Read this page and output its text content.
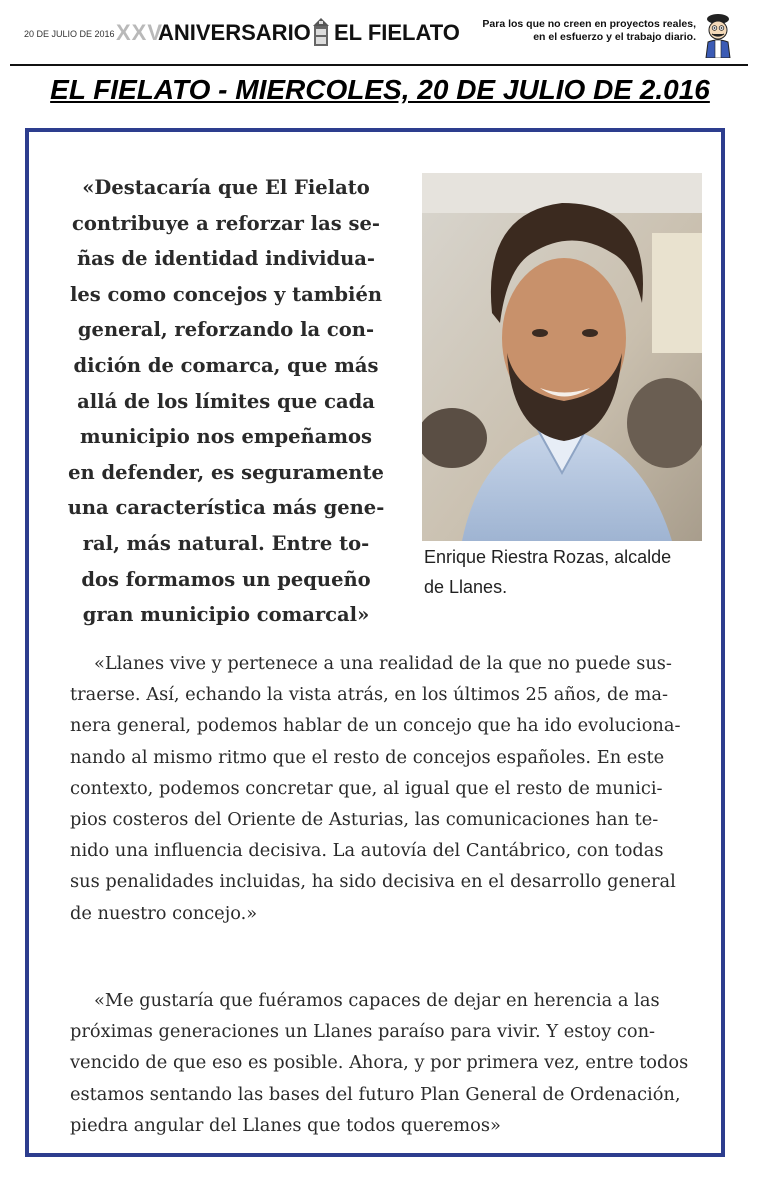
20 DE JULIO DE 2016 XXV
ANIVERSARIO EL FIELATO	Para los que no creen en proyectos reales,
en el esfuerzo y el trabajo diario.
EL FIELATO - MIERCOLES, 20 DE JULIO DE 2.016

«Destacaría que El Fielato

contribuye a reforzar las se-

ñas de identidad individua-

les como concejos y también

general, reforzando la con-

dición de comarca, que más

allá de los límites que cada

municipio nos empeñamos

en defender, es seguramente

una característica más gene-

ral, más natural. Entre to-

dos formamos un pequeño

gran municipio comarcal»

Enrique Riestra Rozas, alcalde
de Llanes.
«Llanes vive y pertenece a una realidad de la que no puede sus-
traerse. Así, echando la vista atrás, en los últimos 25 años, de ma-
nera general, podemos hablar de un concejo que ha ido evoluciona-
nando al mismo ritmo que el resto de concejos españoles. En este
contexto, podemos concretar que, al igual que el resto de munici-
pios costeros del Oriente de Asturias, las comunicaciones han te-
nido una influencia decisiva. La autovía del Cantábrico, con todas
sus penalidades incluidas, ha sido decisiva en el desarrollo general
de nuestro concejo.»
«Me gustaría que fuéramos capaces de dejar en herencia a las
próximas generaciones un Llanes paraíso para vivir. Y estoy con-
vencido de que eso es posible. Ahora, y por primera vez, entre todos
estamos sentando las bases del futuro Plan General de Ordenación,
piedra angular del Llanes que todos queremos»
